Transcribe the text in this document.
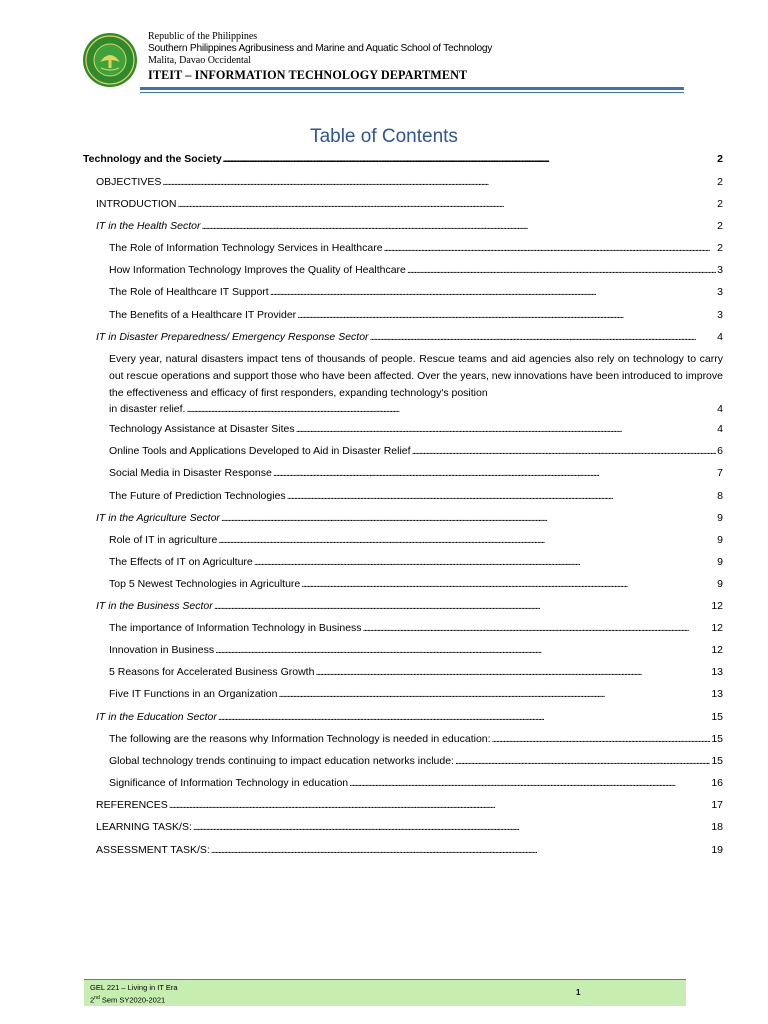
Republic of the Philippines
Southern Philippines Agribusiness and Marine and Aquatic School of Technology
Malita, Davao Occidental
ITEIT – INFORMATION TECHNOLOGY DEPARTMENT
Table of Contents
Technology and the Society . . .	2
OBJECTIVES . . .	2
INTRODUCTION . . .	2
IT in the Health Sector . . .	2
The Role of Information Technology Services in Healthcare . . .	2
How Information Technology Improves the Quality of Healthcare . . .	3
The Role of Healthcare IT Support . . .	3
The Benefits of a Healthcare IT Provider . . .	3
IT in Disaster Preparedness/ Emergency Response Sector . . .	4
Every year, natural disasters impact tens of thousands of people. Rescue teams and aid agencies also rely on technology to carry out rescue operations and support those who have been affected. Over the years, new innovations have been introduced to improve the effectiveness and efficacy of first responders, expanding technology's position
in disaster relief. . . .	4
Technology Assistance at Disaster Sites . . .	4
Online Tools and Applications Developed to Aid in Disaster Relief . . .	6
Social Media in Disaster Response . . .	7
The Future of Prediction Technologies . . .	8
IT in the Agriculture Sector . . .	9
Role of IT in agriculture . . .	9
The Effects of IT on Agriculture . . .	9
Top 5 Newest Technologies in Agriculture . . .	9
IT in the Business Sector . . .	12
The importance of Information Technology in Business . . .	12
Innovation in Business . . .	12
5 Reasons for Accelerated Business Growth . . .	13
Five IT Functions in an Organization . . .	13
IT in the Education Sector . . .	15
The following are the reasons why Information Technology is needed in education: . . .	15
Global technology trends continuing to impact education networks include: . . .	15
Significance of Information Technology in education . . .	16
REFERENCES . . .	17
LEARNING TASK/S: . . .	18
ASSESSMENT TASK/S: . . .	19
GEL 221 – Living in IT Era
2nd Sem SY2020-2021
1
